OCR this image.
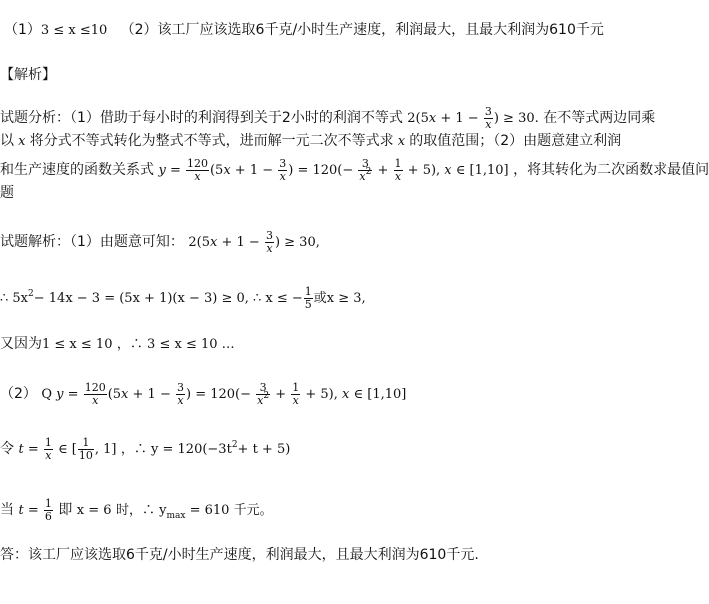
（1）3 ≤ x ≤10 （2）该工厂应该选取6千克/小时生产速度，利润最大，且最大利润为610千元
【解析】
试题分析：（1）借助于每小时的利润得到关于2小时的利润不等式 $2(5x + 1 - \frac{3}{x}$ ) ≥ 30. 在不等式两边同乘
以 x 将分式不等式转化为整式不等式，进而解一元二次不等式求 x 的取值范围；（2）由题意建立利润
和生产速度的函数关系式 $y = \frac{120}{x} (5x + 1 - \frac{3}{x}$ ) = $120(- \frac{3}{x^2} + \frac{1}{x} + 5)$, x ∈ [1,10] ，将其转化为二次函数求最值问
题
试题解析：（1）由题意可知： $2(5x + 1 - \frac{3}{x}$ ) ≥ 30,
∴ $5x^2- 14x - 3 = (5x + 1)(x - 3) \ge 0$, ∴ x ≤ − $\frac{1}{5}$ 或x ≥ 3,
又因为1 ≤ x ≤ 10 ，∴ 3 ≤ x ≤ 10 …
（2） Q $y = \frac{120}{x} (5x + 1 - \frac{3}{x}$ ) = $120(- \frac{3}{x^2} + \frac{1}{x} + 5)$, x ∈ [1,10]
令 $t = \frac{1}{x}$ ∈ [ $\frac{1}{10}$ , 1] ，∴ $y = 120(-3t^2+ t + 5)$
当 $t = \frac{1}{6}$ 即 x = 6 时，∴ $y_{max} = 610$ 千元。
答：该工厂应该选取6千克/小时生产速度，利润最大，且最大利润为610千元.
